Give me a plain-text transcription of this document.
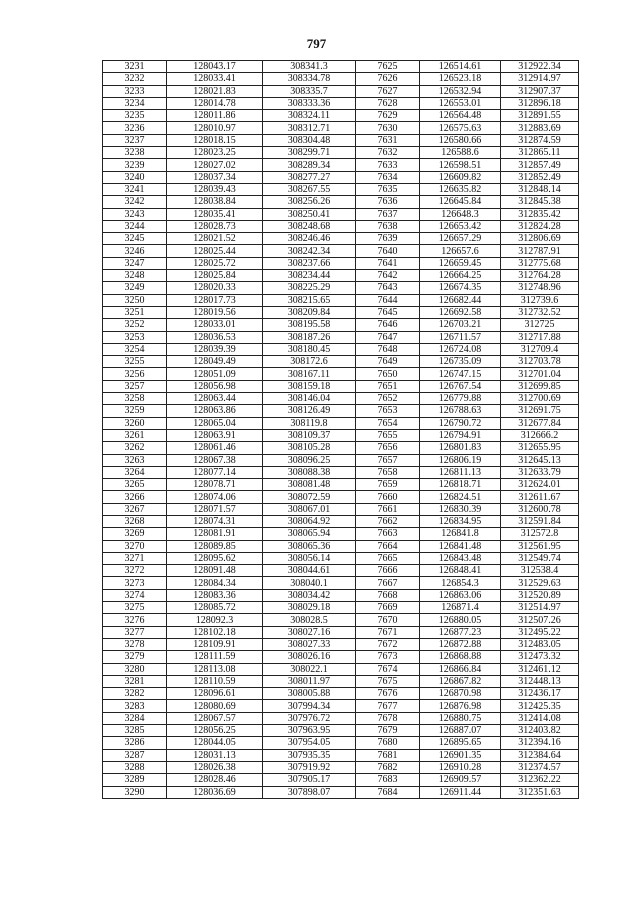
797
3231	128043.17	308341.3	7625	126514.61	312922.34
3232	128033.41	308334.78	7626	126523.18	312914.97
3233	128021.83	308335.7	7627	126532.94	312907.37
3234	128014.78	308333.36	7628	126553.01	312896.18
3235	128011.86	308324.11	7629	126564.48	312891.55
3236	128010.97	308312.71	7630	126575.63	312883.69
3237	128018.15	308304.48	7631	126580.66	312874.59
3238	128023.25	308299.71	7632	126588.6	312865.11
3239	128027.02	308289.34	7633	126598.51	312857.49
3240	128037.34	308277.27	7634	126609.82	312852.49
3241	128039.43	308267.55	7635	126635.82	312848.14
3242	128038.84	308256.26	7636	126645.84	312845.38
3243	128035.41	308250.41	7637	126648.3	312835.42
3244	128028.73	308248.68	7638	126653.42	312824.28
3245	128021.52	308246.46	7639	126657.29	312806.69
3246	128025.44	308242.34	7640	126657.6	312787.91
3247	128025.72	308237.66	7641	126659.45	312775.68
3248	128025.84	308234.44	7642	126664.25	312764.28
3249	128020.33	308225.29	7643	126674.35	312748.96
3250	128017.73	308215.65	7644	126682.44	312739.6
3251	128019.56	308209.84	7645	126692.58	312732.52
3252	128033.01	308195.58	7646	126703.21	312725
3253	128036.53	308187.26	7647	126711.57	312717.88
3254	128039.39	308180.45	7648	126724.08	312709.4
3255	128049.49	308172.6	7649	126735.09	312703.78
3256	128051.09	308167.11	7650	126747.15	312701.04
3257	128056.98	308159.18	7651	126767.54	312699.85
3258	128063.44	308146.04	7652	126779.88	312700.69
3259	128063.86	308126.49	7653	126788.63	312691.75
3260	128065.04	308119.8	7654	126790.72	312677.84
3261	128063.91	308109.37	7655	126794.91	312666.2
3262	128061.46	308105.28	7656	126801.83	312655.95
3263	128067.38	308096.25	7657	126806.19	312645.13
3264	128077.14	308088.38	7658	126811.13	312633.79
3265	128078.71	308081.48	7659	126818.71	312624.01
3266	128074.06	308072.59	7660	126824.51	312611.67
3267	128071.57	308067.01	7661	126830.39	312600.78
3268	128074.31	308064.92	7662	126834.95	312591.84
3269	128081.91	308065.94	7663	126841.8	312572.8
3270	128089.85	308065.36	7664	126841.48	312561.95
3271	128095.62	308056.14	7665	126843.48	312549.74
3272	128091.48	308044.61	7666	126848.41	312538.4
3273	128084.34	308040.1	7667	126854.3	312529.63
3274	128083.36	308034.42	7668	126863.06	312520.89
3275	128085.72	308029.18	7669	126871.4	312514.97
3276	128092.3	308028.5	7670	126880.05	312507.26
3277	128102.18	308027.16	7671	126877.23	312495.22
3278	128109.91	308027.33	7672	126872.88	312483.05
3279	128111.59	308026.16	7673	126868.88	312473.32
3280	128113.08	308022.1	7674	126866.84	312461.12
3281	128110.59	308011.97	7675	126867.82	312448.13
3282	128096.61	308005.88	7676	126870.98	312436.17
3283	128080.69	307994.34	7677	126876.98	312425.35
3284	128067.57	307976.72	7678	126880.75	312414.08
3285	128056.25	307963.95	7679	126887.07	312403.82
3286	128044.05	307954.05	7680	126895.65	312394.16
3287	128031.13	307935.35	7681	126901.35	312384.64
3288	128026.38	307919.92	7682	126910.28	312374.57
3289	128028.46	307905.17	7683	126909.57	312362.22
3290	128036.69	307898.07	7684	126911.44	312351.63
